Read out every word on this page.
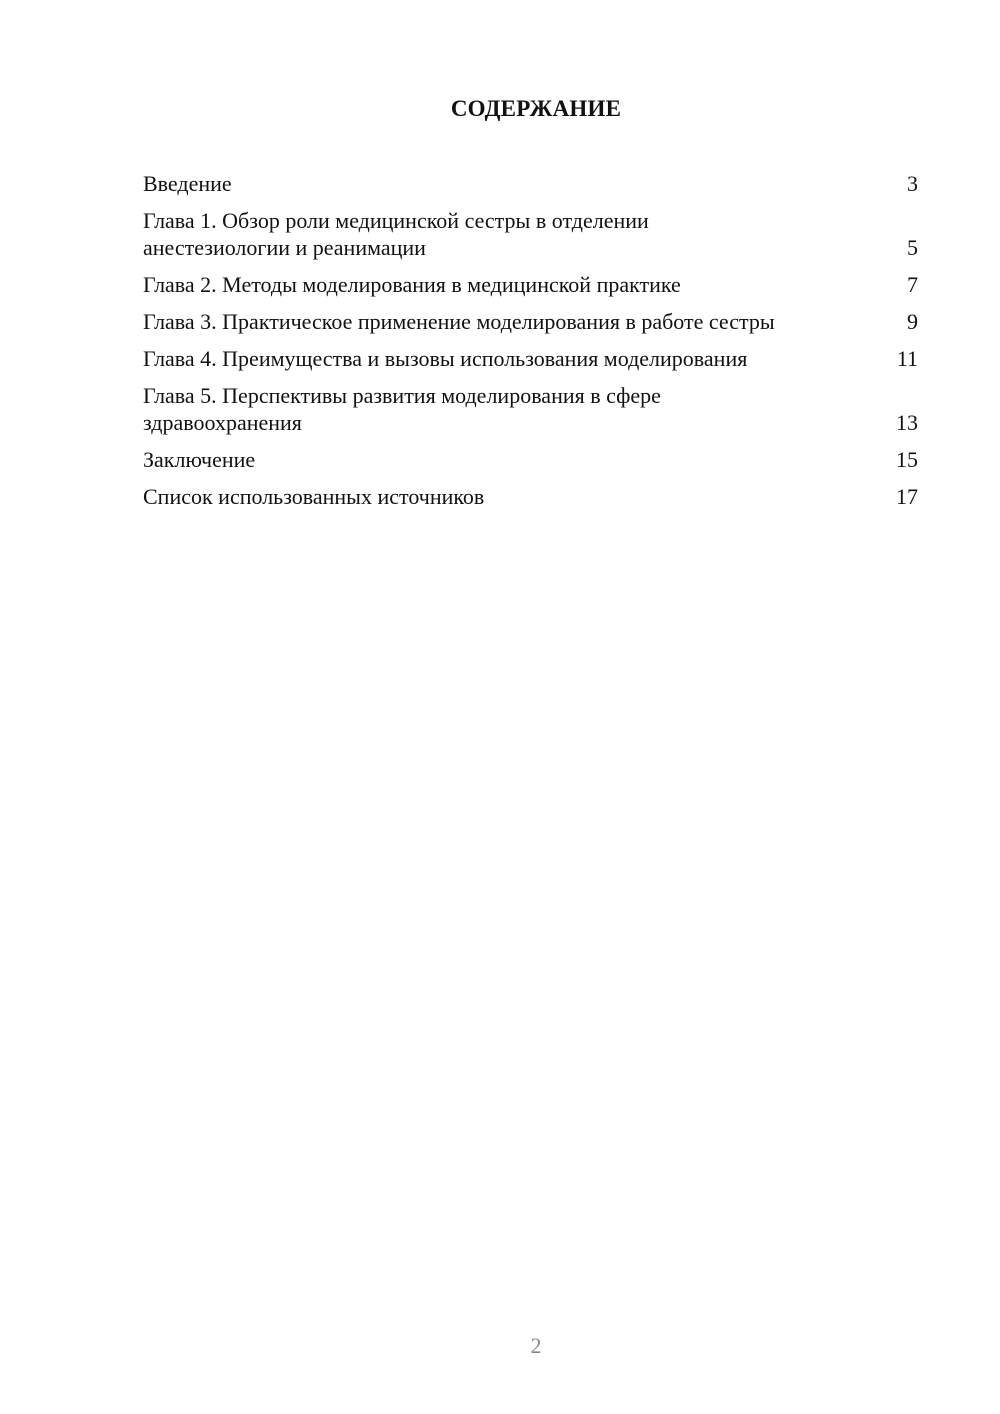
СОДЕРЖАНИЕ
Введение	3
Глава 1. Обзор роли медицинской сестры в отделении анестезиологии и реанимации	5
Глава 2. Методы моделирования в медицинской практике	7
Глава 3. Практическое применение моделирования в работе сестры	9
Глава 4. Преимущества и вызовы использования моделирования	11
Глава 5. Перспективы развития моделирования в сфере здравоохранения	13
Заключение	15
Список использованных источников	17
2
